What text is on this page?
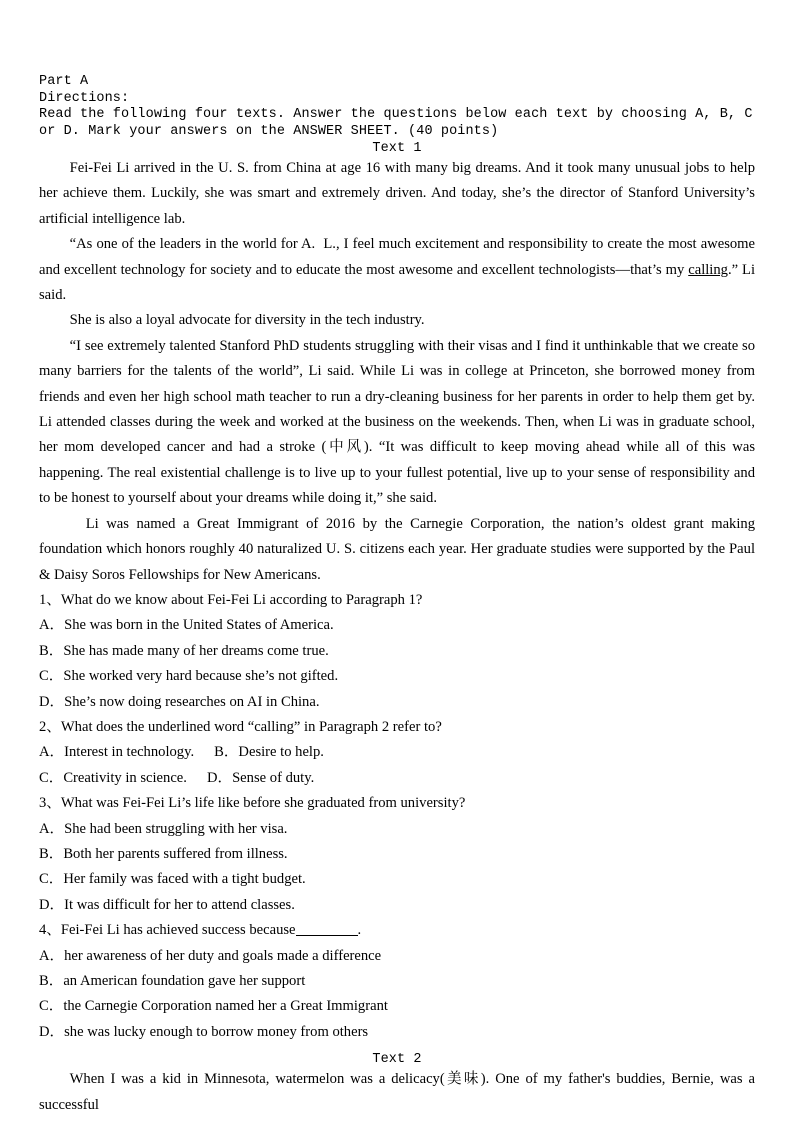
Part A
Directions:
Read the following four texts. Answer the questions below each text by choosing A, B, C or D. Mark your answers on the ANSWER SHEET. (40 points)
Text 1

Fei-Fei Li arrived in the U. S. from China at age 16 with many big dreams. And it took many unusual jobs to help her achieve them. Luckily, she was smart and extremely driven. And today, she’s the director of Stanford University’s artificial intelligence lab.

“As one of the leaders in the world for A.  L., I feel much excitement and responsibility to create the most awesome and excellent technology for society and to educate the most awesome and excellent technologists—that’s my calling.” Li said.

She is also a loyal advocate for diversity in the tech industry.

“I see extremely talented Stanford PhD students struggling with their visas and I find it unthinkable that we create so many barriers for the talents of the world”, Li said. While Li was in college at Princeton, she borrowed money from friends and even her high school math teacher to run a dry-cleaning business for her parents in order to help them get by. Li attended classes during the week and worked at the business on the weekends. Then, when Li was in graduate school, her mom developed cancer and had a stroke (中风). “It was difficult to keep moving ahead while all of this was happening. The real existential challenge is to live up to your fullest potential, live up to your sense of responsibility and to be honest to yourself about your dreams while doing it,” she said.

Li was named a Great Immigrant of 2016 by the Carnegie Corporation, the nation’s oldest grant making foundation which honors roughly 40 naturalized U. S. citizens each year. Her graduate studies were supported by the Paul & Daisy Soros Fellowships for New Americans.

1、What do we know about Fei-Fei Li according to Paragraph 1?

A．She was born in the United States of America.

B．She has made many of her dreams come true.

C．She worked very hard because she’s not gifted.

D．She’s now doing researches on AI in China.

2、What does the underlined word “calling” in Paragraph 2 refer to?

A．Interest in technology. B．Desire to help.

C．Creativity in science. D．Sense of duty.

3、What was Fei-Fei Li’s life like before she graduated from university?

A．She had been struggling with her visa.

B．Both her parents suffered from illness.

C．Her family was faced with a tight budget.

D．It was difficult for her to attend classes.

4、Fei-Fei Li has achieved success because	.

A．her awareness of her duty and goals made a difference

B．an American foundation gave her support

C．the Carnegie Corporation named her a Great Immigrant

D．she was lucky enough to borrow money from others

Text 2

When I was a kid in Minnesota, watermelon was a delicacy(美味). One of my father's buddies, Bernie, was a successful
